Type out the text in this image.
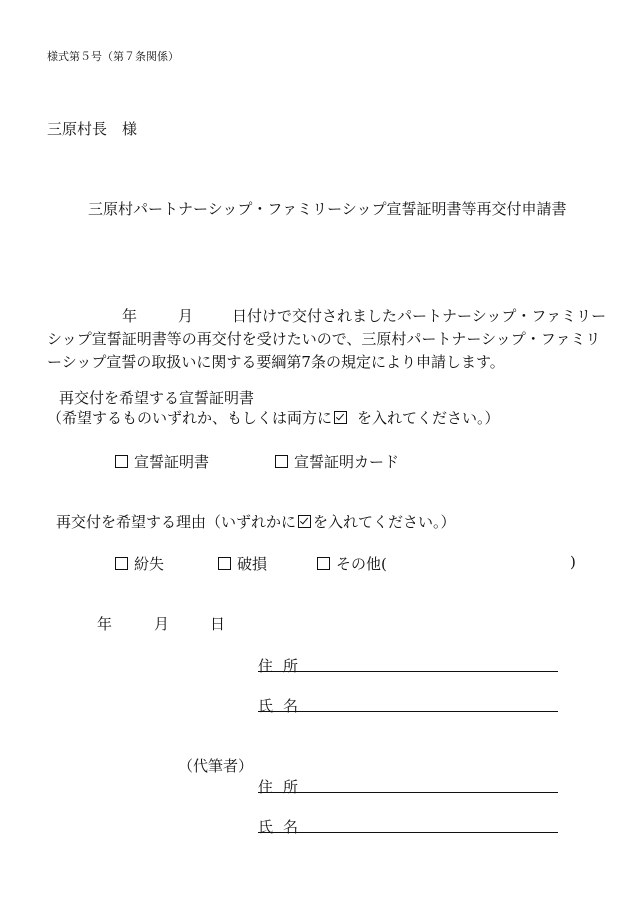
様式第５号（第７条関係）
三原村長　様
三原村パートナーシップ・ファミリーシップ宣誓証明書等再交付申請書
年	月	日付けで交付されましたパートナーシップ・ファミリー
シップ宣誓証明書等の再交付を受けたいので、三原村パートナーシップ・ファミリ
ーシップ宣誓の取扱いに関する要綱第7条の規定により申請します。
再交付を希望する宣誓証明書
（希望するものいずれか、もしくは両方に を入れてください。）
宣誓証明書	宣誓証明カード
再交付を希望する理由（いずれかに を入れてください。）
紛失	破損	その他(	)
年	月	日
住所
氏名
（代筆者）
住所
氏名
